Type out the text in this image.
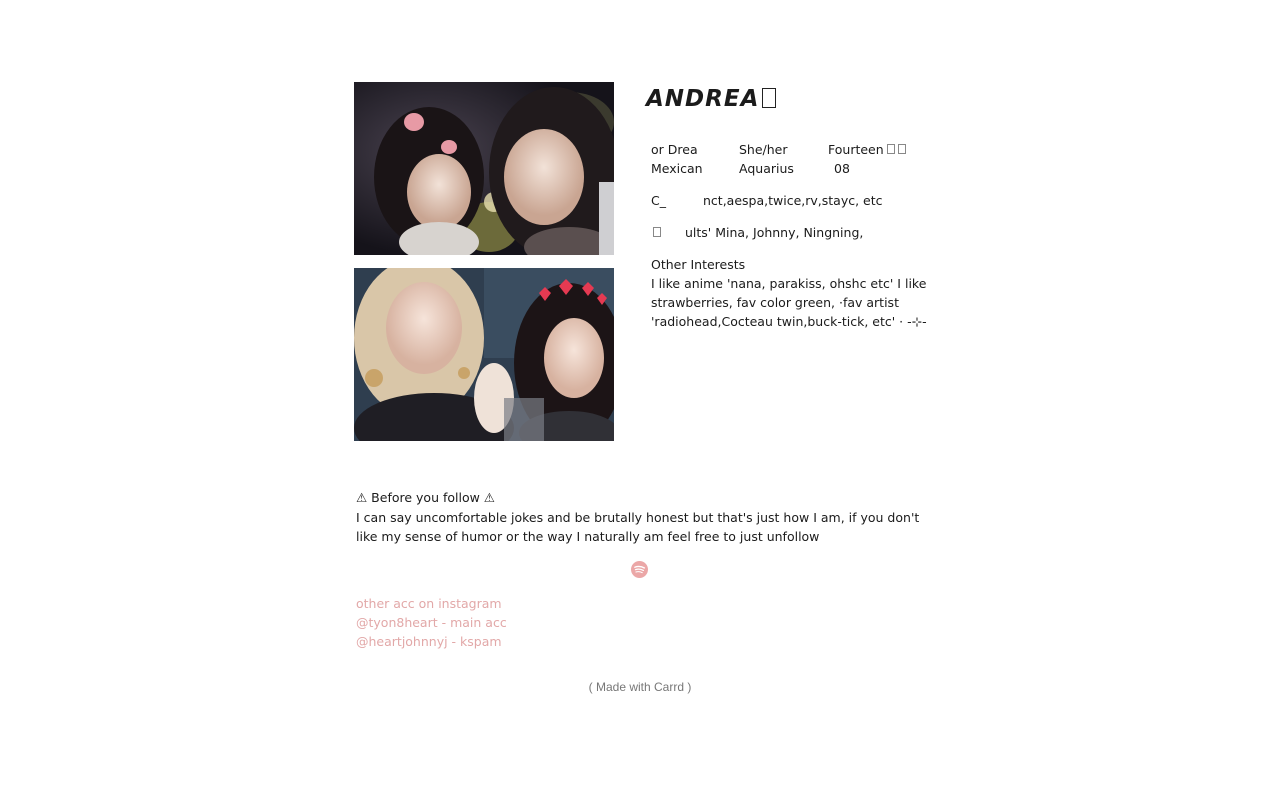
ANDREA
or Drea	She/her	Fourteen
Mexican	Aquarius	08
C_	nct,aespa,twice,rv,stayc, etc
ults' Mina, Johnny, Ningning,
Other Interests
I like anime 'nana, parakiss, ohshc etc' I like
strawberries, fav color green, ·fav artist
'radiohead,Cocteau twin,buck-tick, etc' · -⊹-
⚠ Before you follow ⚠
I can say uncomfortable jokes and be brutally honest but that's just how I am, if you don't
like my sense of humor or the way I naturally am feel free to just unfollow
other acc on instagram
@tyon8heart - main acc
@heartjohnnyj - kspam
( Made with Carrd )
